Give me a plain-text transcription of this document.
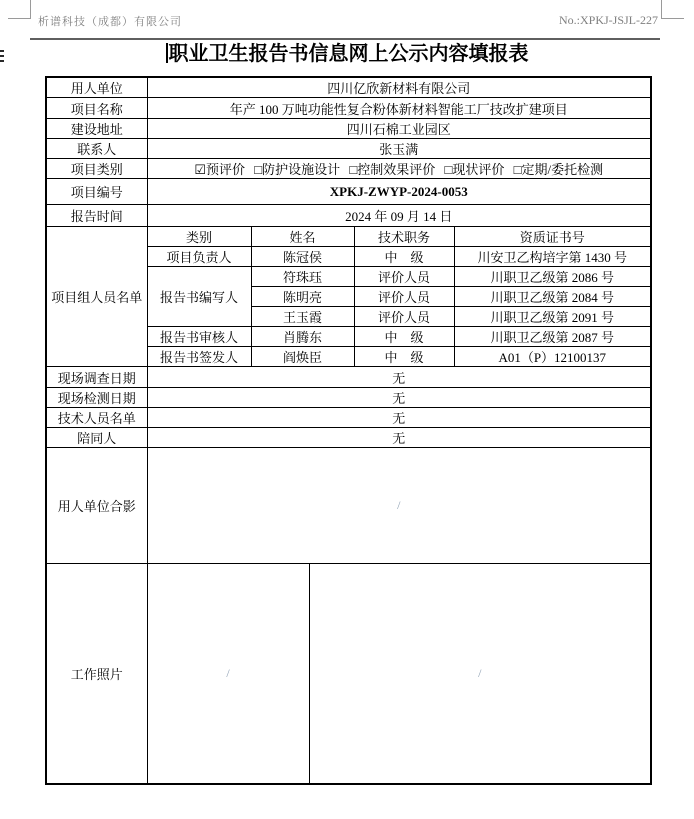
析谱科技（成都）有限公司	No.:XPKJ-JSJL-227
职业卫生报告书信息网上公示内容填报表
用人单位	四川亿欣新材料有限公司				
项目名称	年产 100 万吨功能性复合粉体新材料智能工厂技改扩建项目				
建设地址	四川石棉工业园区				
联系人	张玉满				
项目类别	☑预评价 □防护设施设计 □控制效果评价 □现状评价 □定期/委托检测				
项目编号	XPKJ-ZWYP-2024-0053				
报告时间	2024 年 09 月 14 日				
项目组人员名单	类别	姓名		技术职务	资质证书号
	项目负责人	陈冠侯		中　级	川安卫乙构培字第 1430 号
	报告书编写人	符珠珏		评价人员	川职卫乙级第 2086 号
		陈明亮		评价人员	川职卫乙级第 2084 号
		王玉霞		评价人员	川职卫乙级第 2091 号
	报告书审核人	肖腾东		中　级	川职卫乙级第 2087 号
	报告书签发人	阎焕臣		中　级	A01（P）12100137
现场调查日期	无				
现场检测日期	无				
技术人员名单	无				
陪同人	无				
用人单位合影	/				
工作照片	/		/		
